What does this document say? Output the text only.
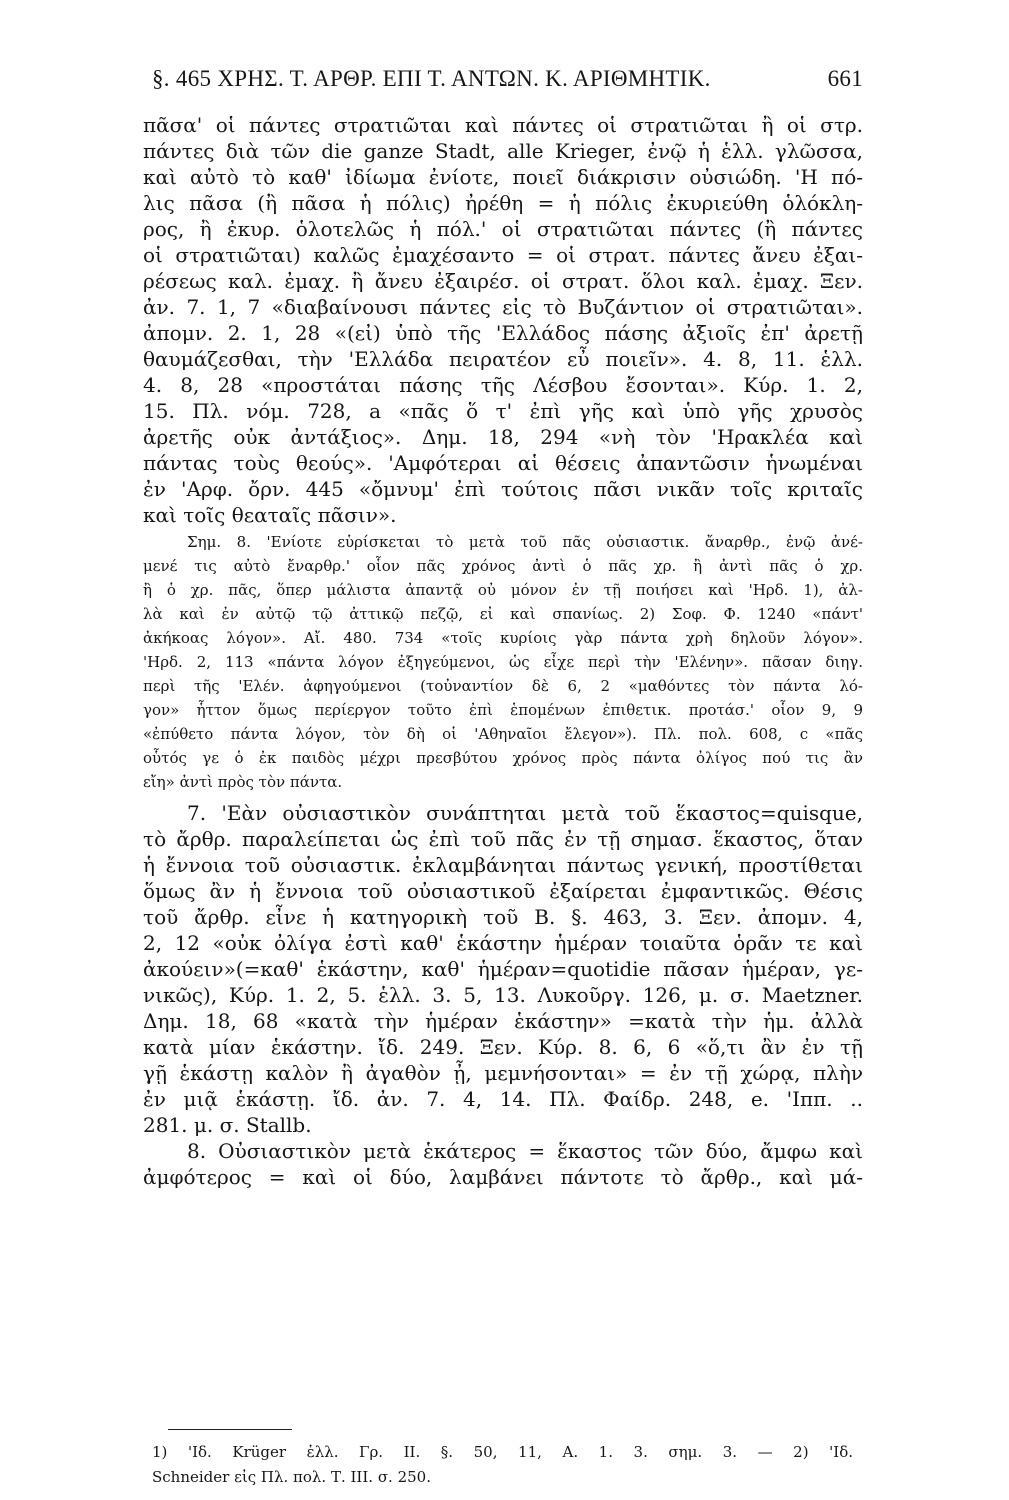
§. 465 ΧΡΗΣ. Τ. ΑΡΘΡ. ΕΠΙ Τ. ΑΝΤΩΝ. Κ. ΑΡΙΘΜΗΤΙΚ.	661
πᾶσα' οἱ πάντες στρατιῶται καὶ πάντες οἱ στρατιῶται ἢ οἱ στρ.
πάντες διὰ τῶν die ganze Stadt, alle Krieger, ἐνῷ ἡ ἑλλ. γλῶσσα,
καὶ αὐτὸ τὸ καθ' ἰδίωμα ἐνίοτε, ποιεῖ διάκρισιν οὐσιώδη. 'Η πό-
λις πᾶσα (ἢ πᾶσα ἡ πόλις) ἠρέθη = ἡ πόλις ἐκυριεύθη ὁλόκλη-
ρος, ἢ ἐκυρ. ὁλοτελῶς ἡ πόλ.' οἱ στρατιῶται πάντες (ἢ πάντες
οἱ στρατιῶται) καλῶς ἐμαχέσαντο = οἱ στρατ. πάντες ἄνευ ἐξαι-
ρέσεως καλ. ἐμαχ. ἢ ἄνευ ἐξαιρέσ. οἱ στρατ. ὅλοι καλ. ἐμαχ. Ξεν.
ἀν. 7. 1, 7 «διαβαίνουσι πάντες εἰς τὸ Βυζάντιον οἱ στρατιῶται».
ἀπομν. 2. 1, 28 «(εἰ) ὑπὸ τῆς 'Ελλάδος πάσης ἀξιοῖς ἐπ' ἀρετῇ
θαυμάζεσθαι, τὴν 'Ελλάδα πειρατέον εὖ ποιεῖν». 4. 8, 11. ἑλλ.
4. 8, 28 «προστάται πάσης τῆς Λέσβου ἔσονται». Κύρ. 1. 2,
15. Πλ. νόμ. 728, a «πᾶς ὅ τ' ἐπὶ γῆς καὶ ὑπὸ γῆς χρυσὸς
ἀρετῆς οὐκ ἀντάξιος». Δημ. 18, 294 «νὴ τὸν 'Ηρακλέα καὶ
πάντας τοὺς θεούς». 'Αμφότεραι αἱ θέσεις ἀπαντῶσιν ἡνωμέναι
ἐν 'Αρφ. ὄρν. 445 «ὄμνυμ' ἐπὶ τούτοις πᾶσι νικᾶν τοῖς κριταῖς
καὶ τοῖς θεαταῖς πᾶσιν».
Σημ. 8. 'Ενίοτε εὑρίσκεται τὸ μετὰ τοῦ πᾶς οὐσιαστικ. ἄναρθρ., ἐνῷ ἀνέ-
μενέ τις αὐτὸ ἔναρθρ.' οἷον πᾶς χρόνος ἀντὶ ὁ πᾶς χρ. ἢ ἀντὶ πᾶς ὁ χρ.
ἢ ὁ χρ. πᾶς, ὅπερ μάλιστα ἀπαντᾷ οὐ μόνον ἐν τῇ ποιήσει καὶ 'Ηρδ. 1), ἀλ-
λὰ καὶ ἐν αὐτῷ τῷ ἀττικῷ πεζῷ, εἰ καὶ σπανίως. 2) Σοφ. Φ. 1240 «πάντ'
ἀκήκοας λόγον». Αἴ. 480. 734 «τοῖς κυρίοις γὰρ πάντα χρὴ δηλοῦν λόγον».
'Ηρδ. 2, 113 «πάντα λόγον ἐξηγεύμενοι, ὡς εἶχε περὶ τὴν 'Ελένην». πᾶσαν διηγ.
περὶ τῆς 'Ελέν. ἀφηγούμενοι (τοὐναντίον δὲ 6, 2 «μαθόντες τὸν πάντα λό-
γον» ἧττον ὅμως περίεργον τοῦτο ἐπὶ ἑπομένων ἐπιθετικ. προτάσ.' οἷον 9, 9
«ἐπύθετο πάντα λόγον, τὸν δὴ οἱ 'Αθηναῖοι ἔλεγον»). Πλ. πολ. 608, c «πᾶς
οὗτός γε ὁ ἐκ παιδὸς μέχρι πρεσβύτου χρόνος πρὸς πάντα ὀλίγος πού τις ἂν
εἴη» ἀντὶ πρὸς τὸν πάντα.
7. 'Εὰν οὐσιαστικὸν συνάπτηται μετὰ τοῦ ἕκαστος=quisque,
τὸ ἄρθρ. παραλείπεται ὡς ἐπὶ τοῦ πᾶς ἐν τῇ σημασ. ἕκαστος, ὅταν
ἡ ἔννοια τοῦ οὐσιαστικ. ἐκλαμβάνηται πάντως γενική, προστίθεται
ὅμως ἂν ἡ ἔννοια τοῦ οὐσιαστικοῦ ἐξαίρεται ἐμφαντικῶς. Θέσις
τοῦ ἄρθρ. εἶνε ἡ κατηγορικὴ τοῦ Β. §. 463, 3. Ξεν. ἀπομν. 4,
2, 12 «οὐκ ὀλίγα ἐστὶ καθ' ἑκάστην ἡμέραν τοιαῦτα ὁρᾶν τε καὶ
ἀκούειν»(=καθ' ἑκάστην, καθ' ἡμέραν=quotidie πᾶσαν ἡμέραν, γε-
νικῶς), Κύρ. 1. 2, 5. ἑλλ. 3. 5, 13. Λυκοῦργ. 126, μ. σ. Maetzner.
Δημ. 18, 68 «κατὰ τὴν ἡμέραν ἑκάστην» =κατὰ τὴν ἡμ. ἀλλὰ
κατὰ μίαν ἑκάστην. ἴδ. 249. Ξεν. Κύρ. 8. 6, 6 «ὅ,τι ἂν ἐν τῇ
γῇ ἑκάστῃ καλὸν ἢ ἀγαθὸν ᾖ, μεμνήσονται» = ἐν τῇ χώρᾳ, πλὴν
ἐν μιᾷ ἑκάστῃ. ἴδ. ἀν. 7. 4, 14. Πλ. Φαίδρ. 248, e. 'Ιππ. ..
281. μ. σ. Stallb.
8. Οὐσιαστικὸν μετὰ ἑκάτερος = ἕκαστος τῶν δύο, ἄμφω καὶ
ἀμφότερος = καὶ οἱ δύο, λαμβάνει πάντοτε τὸ ἄρθρ., καὶ μά-
1) 'Ιδ. Krüger ἑλλ. Γρ. II. §. 50, 11, Α. 1. 3. σημ. 3. — 2) 'Ιδ.
Schneider εἰς Πλ. πολ. Τ. III. σ. 250.
